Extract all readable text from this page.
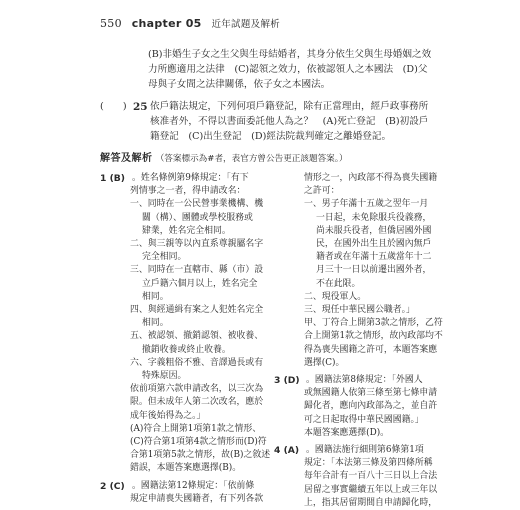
550 chapter 05 近年試題及解析

(B)非婚生子女之生父與生母結婚者，其身分依生父與生母婚姻之效

力所應適用之法律　(C)認領之效力，依被認領人之本國法　(D)父

母與子女間之法律關係，依子女之本國法。

(　　) 25 依戶籍法規定，下列何項戶籍登記，除有正當理由，經戶政事務所

核准者外，不得以書面委託他人為之？　(A)死亡登記　(B)初設戶

籍登記　(C)出生登記　(D)經法院裁判確定之離婚登記。

解答及解析 （答案標示為#者，表官方曾公告更正該題答案。）

1 (B) 。姓名條例第9條規定：「有下

列情事之一者，得申請改名：

一、同時在一公民營事業機構、機

關（構）、團體或學校服務或

肄業，姓名完全相同。

二、與三親等以內直系尊親屬名字

完全相同。

三、同時在一直轄市、縣（市）設

立戶籍六個月以上，姓名完全

相同。

四、與經通緝有案之人犯姓名完全

相同。

五、被認領、撤銷認領、被收養、

撤銷收養或終止收養。

六、字義粗俗不雅、音譯過長或有

特殊原因。

依前項第六款申請改名，以三次為

限。但未成年人第二次改名，應於

成年後始得為之。」

(A)符合上開第1項第1款之情形、

(C)符合第1項第4款之情形而(D)符

合第1項第5款之情形，故(B)之敘述

錯誤，本題答案應選擇(B)。

2 (C) 。國籍法第12條規定：「依前條

規定申請喪失國籍者，有下列各款

情形之一，內政部不得為喪失國籍

之許可：

一、男子年滿十五歲之翌年一月

一日起，未免除服兵役義務，

尚未服兵役者，但僑居國外國

民，在國外出生且於國內無戶

籍者或在年滿十五歲當年十二

月三十一日以前遷出國外者，

不在此限。

二、現役軍人。

三、現任中華民國公職者。」

甲、丁符合上開第3款之情形，乙符

合上開第1款之情形，故內政部均不

得為喪失國籍之許可，本題答案應

選擇(C)。

3 (D) 。國籍法第8條規定：「外國人

或無國籍人依第三條至第七條申請

歸化者，應向內政部為之，並自許

可之日起取得中華民國國籍。」

本題答案應選擇(D)。

4 (A) 。國籍法施行細則第6條第1項

規定：「本法第三條及第四條所稱

每年合計有一百八十三日以上合法

居留之事實繼續五年以上或三年以

上，指其居留期間自申請歸化時，
